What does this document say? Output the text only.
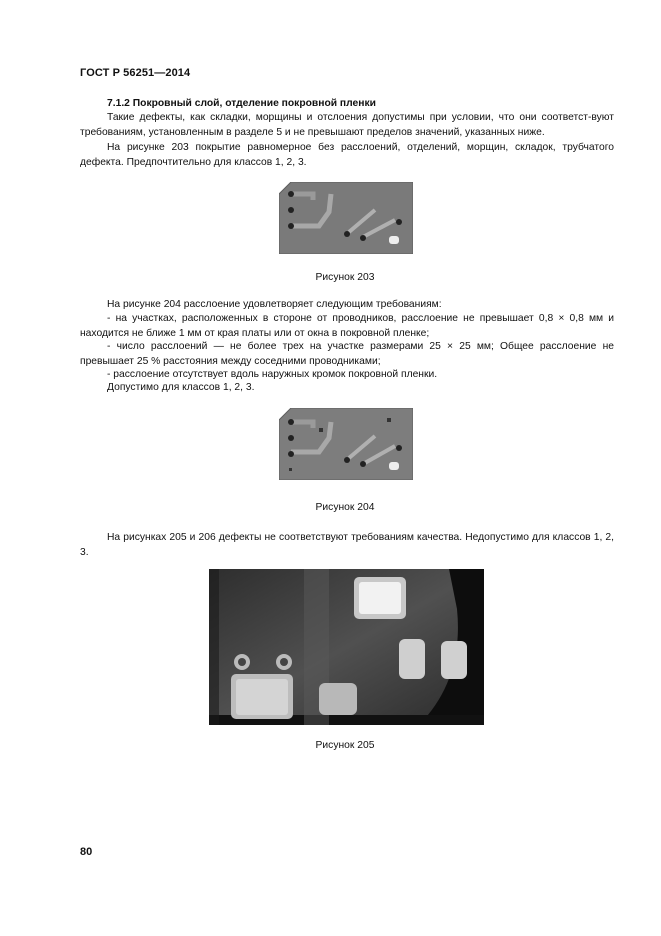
ГОСТ Р 56251—2014
7.1.2 Покровный слой, отделение покровной пленки
Такие дефекты, как складки, морщины и отслоения допустимы при условии, что они соответст-вуют требованиям, установленным в разделе 5 и не превышают пределов значений, указанных ниже.
На рисунке 203 покрытие равномерное без расслоений, отделений, морщин, складок, трубчатого дефекта. Предпочтительно для классов 1, 2, 3.
Рисунок 203
На рисунке 204 расслоение удовлетворяет следующим требованиям:
- на участках, расположенных в стороне от проводников, расслоение не превышает 0,8 × 0,8 мм и находится не ближе 1 мм от края платы или от окна в покровной пленке;
- число расслоений — не более трех на участке размерами 25 × 25 мм; Общее расслоение не превышает 25 % расстояния между соседними проводниками;
- расслоение отсутствует вдоль наружных кромок покровной пленки.
Допустимо для классов 1, 2, 3.
Рисунок 204
На рисунках 205 и 206 дефекты не соответствуют требованиям качества. Недопустимо для классов 1, 2, 3.
Рисунок 205
80
